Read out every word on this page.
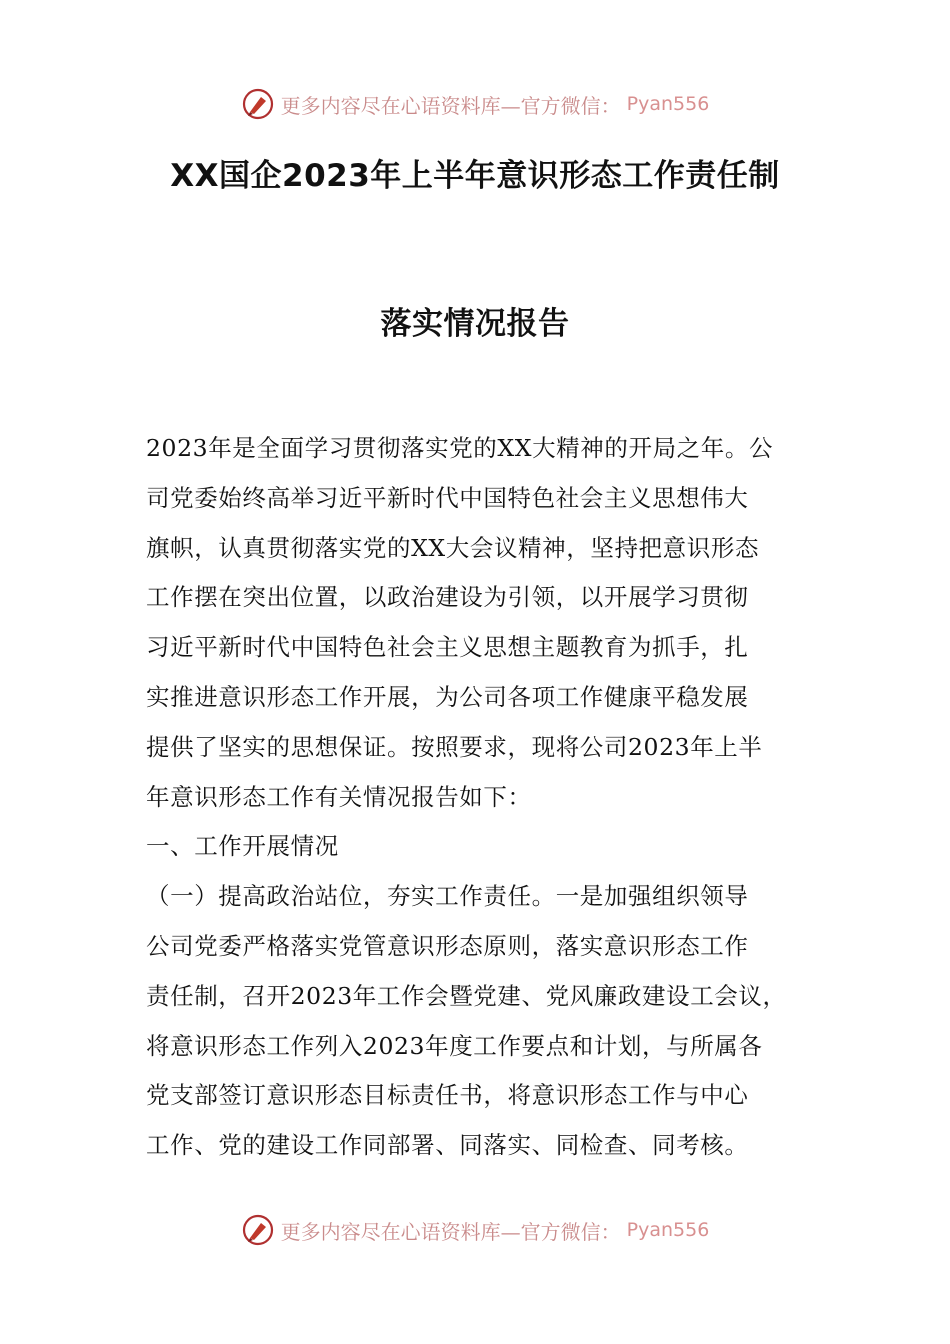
更多内容尽在心语资料库—官方微信： Pyan556
XX国企2023年上半年意识形态工作责任制
落实情况报告
2023年是全面学习贯彻落实党的XX大精神的开局之年。公
司党委始终高举习近平新时代中国特色社会主义思想伟大
旗帜，认真贯彻落实党的XX大会议精神，坚持把意识形态
工作摆在突出位置，以政治建设为引领，以开展学习贯彻
习近平新时代中国特色社会主义思想主题教育为抓手，扎
实推进意识形态工作开展，为公司各项工作健康平稳发展
提供了坚实的思想保证。按照要求，现将公司2023年上半
年意识形态工作有关情况报告如下：
一、工作开展情况
（一）提高政治站位，夯实工作责任。一是加强组织领导
公司党委严格落实党管意识形态原则，落实意识形态工作
责任制，召开2023年工作会暨党建、党风廉政建设工会议，
将意识形态工作列入2023年度工作要点和计划，与所属各
党支部签订意识形态目标责任书，将意识形态工作与中心
工作、党的建设工作同部署、同落实、同检查、同考核。
更多内容尽在心语资料库—官方微信： Pyan556
